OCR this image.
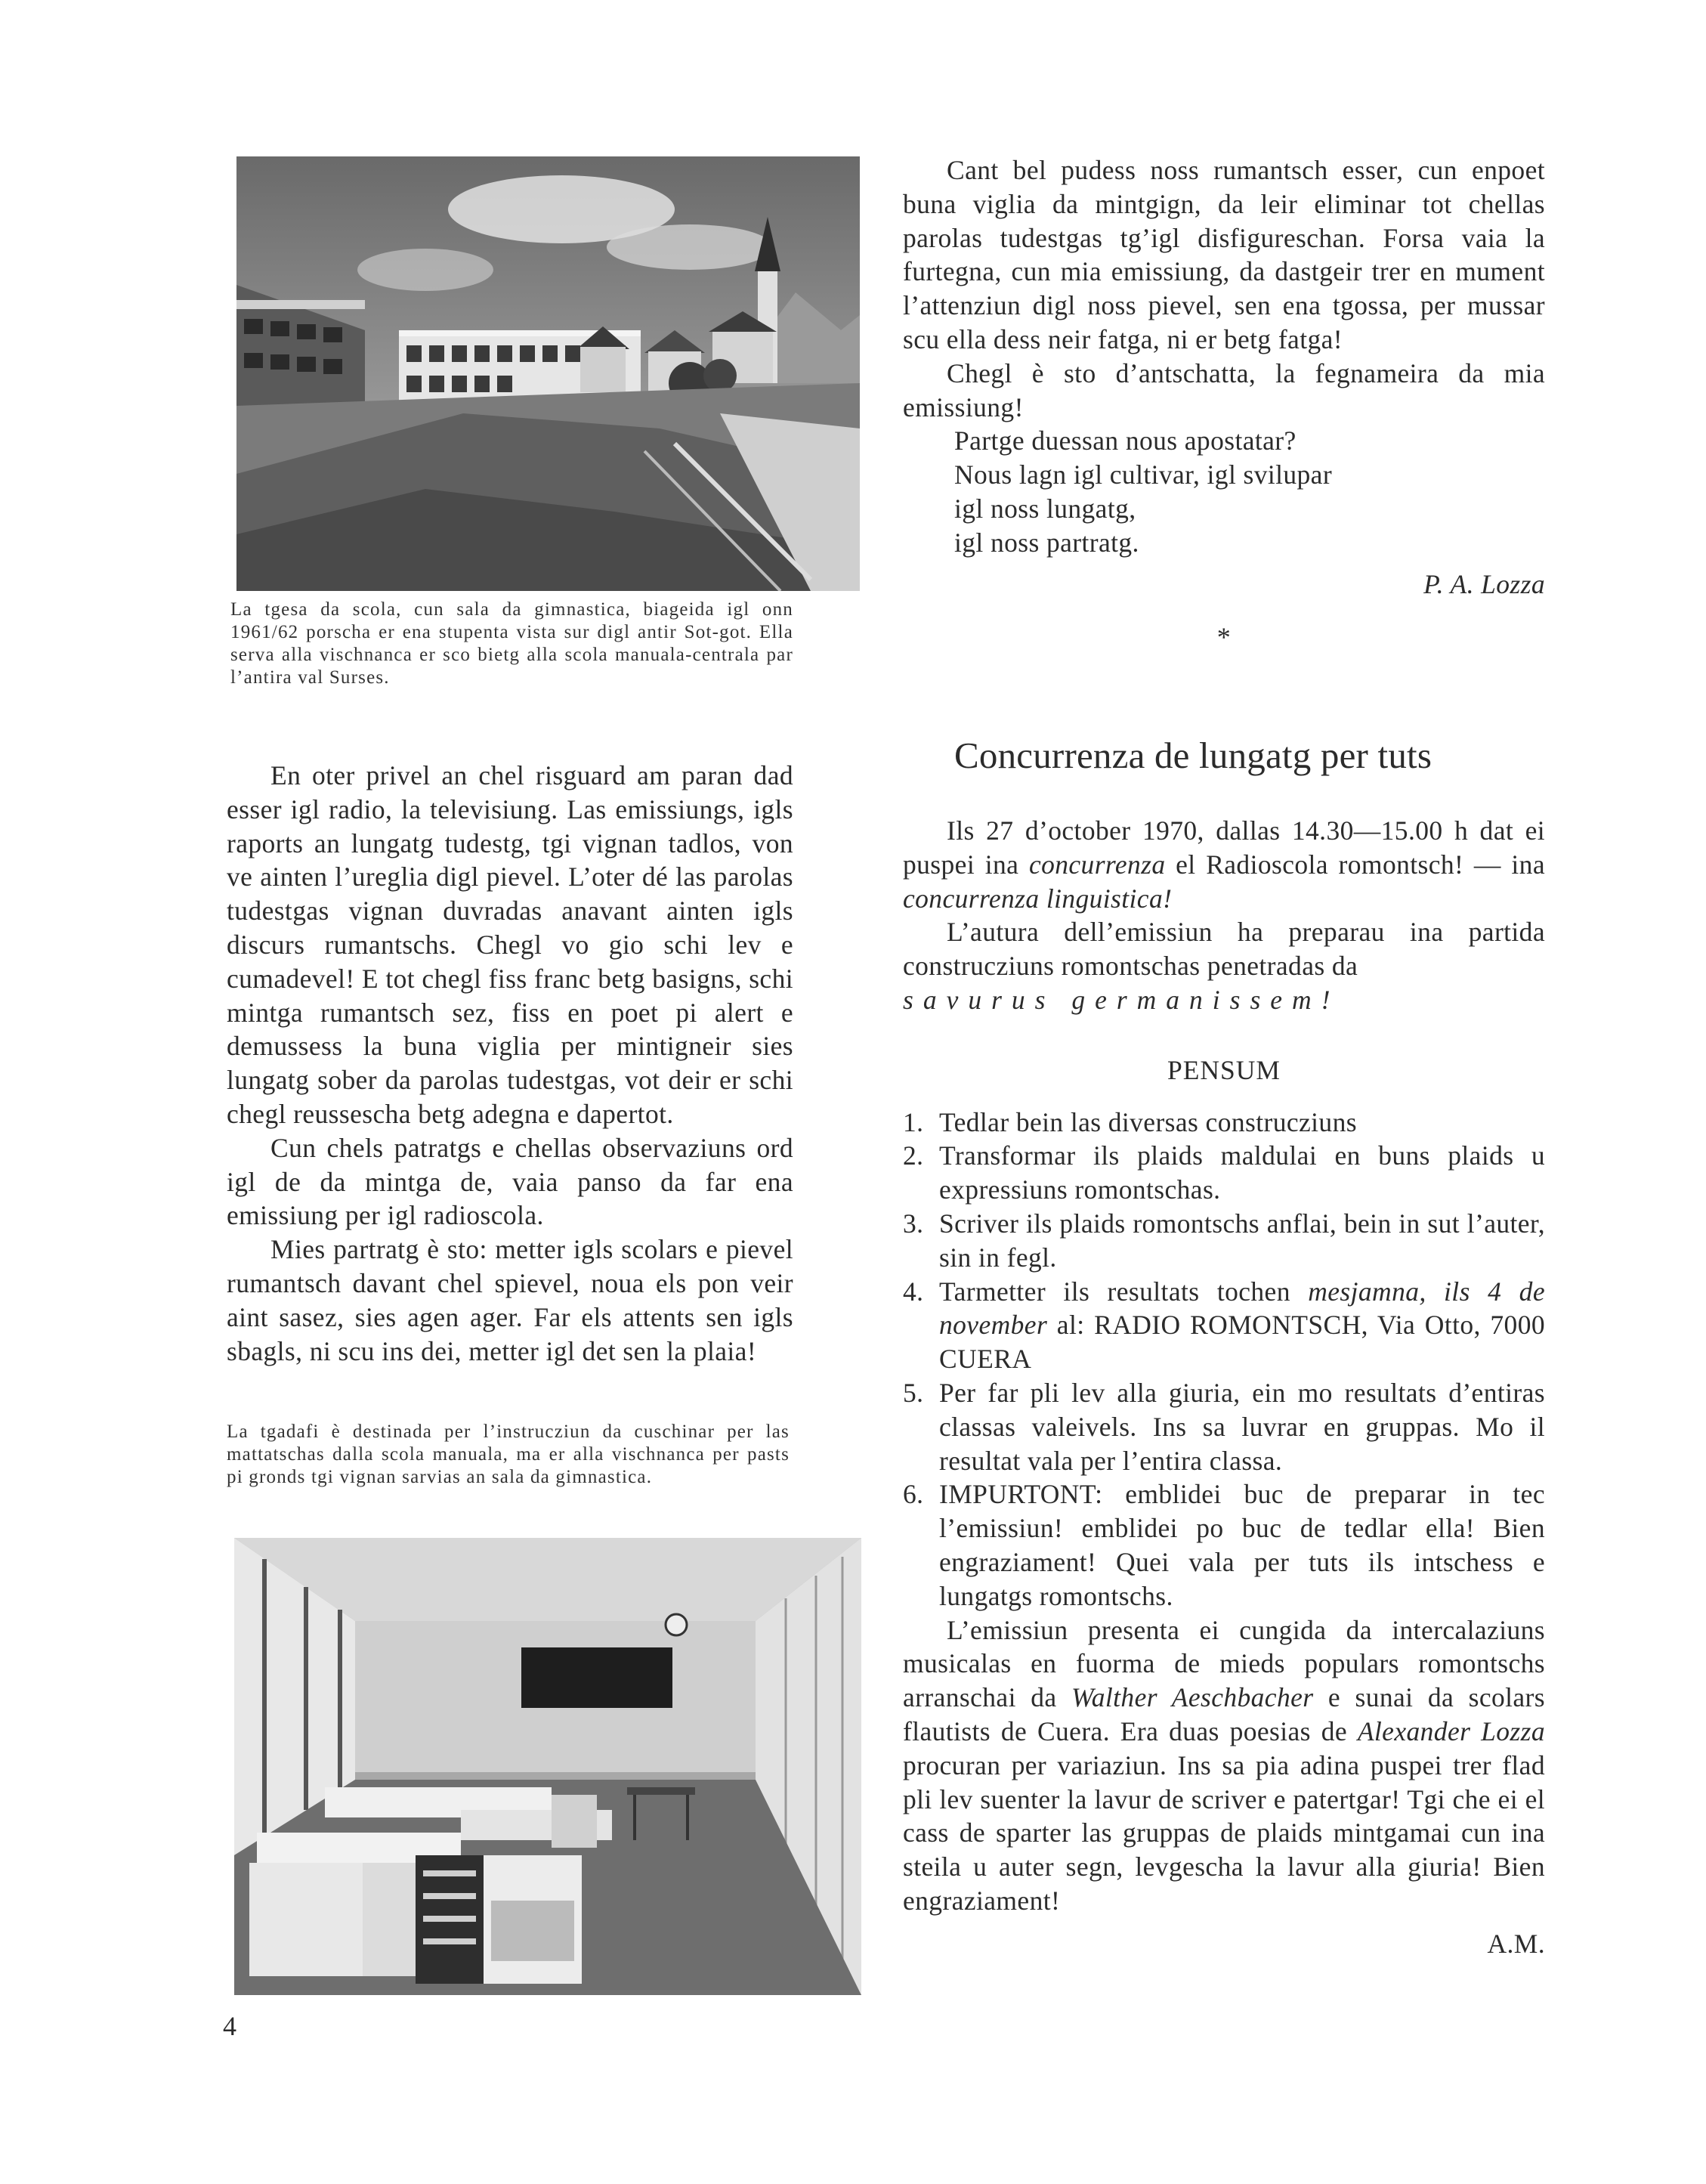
La tgesa da scola, cun sala da gimnastica, biageida igl onn 1961/62 porscha er ena stupenta vista sur digl antir Sot-got. Ella serva alla vischnanca er sco bietg alla scola manuala-centrala par l’antira val Surses.

En oter privel an chel risguard am paran dad esser igl radio, la televisiung. Las emissiungs, igls raports an lungatg tudestg, tgi vignan tadlos, von ve ainten l’ureglia digl pievel. L’oter dé las parolas tudestgas vignan duvradas anavant ainten igls discurs rumantschs. Chegl vo gio schi lev e cumadevel! E tot chegl fiss franc betg basigns, schi mintga rumantsch sez, fiss en poet pi alert e demussess la buna viglia per mintigneir sies lungatg sober da parolas tudestgas, vot deir er schi chegl reussescha betg adegna e dapertot.

Cun chels patratgs e chellas observaziuns ord igl de da mintga de, vaia panso da far ena emissiung per igl radioscola.

Mies partratg è sto: metter igls scolars e pievel rumantsch davant chel spievel, noua els pon veir aint sasez, sies agen ager. Far els attents sen igls sbagls, ni scu ins dei, metter igl det sen la plaia!

La tgadafi è destinada per l’instrucziun da cuschinar per las mattatschas dalla scola manuala, ma er alla vischnanca per pasts pi gronds tgi vignan sarvias an sala da gimnastica.

Cant bel pudess noss rumantsch esser, cun enpoet buna viglia da mintgign, da leir eliminar tot chellas parolas tudestgas tg’igl disfigureschan. Forsa vaia la furtegna, cun mia emissiung, da dastgeir trer en mument l’attenziun digl noss pievel, sen ena tgossa, per mussar scu ella dess neir fatga, ni er betg fatga!

Chegl è sto d’antschatta, la fegnameira da mia emissiung!

Partge duessan nous apostatar?
Nous lagn igl cultivar, igl svilupar
igl noss lungatg,
igl noss partratg.
P. A. Lozza
*
Concurrenza de lungatg per tuts

Ils 27 d’october 1970, dallas 14.30—15.00 h dat ei puspei ina concurrenza el Radioscola romontsch! — ina concurrenza linguistica!

L’autura dell’emissiun ha preparau ina partida construcziuns romontschas penetradas da

savurus germanissem!

PENSUM

1. Tedlar bein las diversas construcziuns
2. Transformar ils plaids maldulai en buns plaids u expressiuns romontschas.
3. Scriver ils plaids romontschs anflai, bein in sut l’auter, sin in fegl.
4. Tarmetter ils resultats tochen mesjamna, ils 4 de november al: RADIO ROMONTSCH, Via Otto, 7000 CUERA
5. Per far pli lev alla giuria, ein mo resultats d’entiras classas valeivels. Ins sa luvrar en gruppas. Mo il resultat vala per l’entira classa.
6. IMPURTONT: emblidei buc de preparar in tec l’emissiun! emblidei po buc de tedlar ella! Bien engraziament! Quei vala per tuts ils intschess e lungatgs romontschs.

L’emissiun presenta ei cungida da intercalaziuns musicalas en fuorma de mieds populars romontschs arranschai da Walther Aeschbacher e sunai da scolars flautists de Cuera. Era duas poesias de Alexander Lozza procuran per variaziun. Ins sa pia adina puspei trer flad pli lev suenter la lavur de scriver e patertgar! Tgi che ei el cass de sparter las gruppas de plaids mintgamai cun ina steila u auter segn, levgescha la lavur alla giuria! Bien engraziament!

A.M.

4
